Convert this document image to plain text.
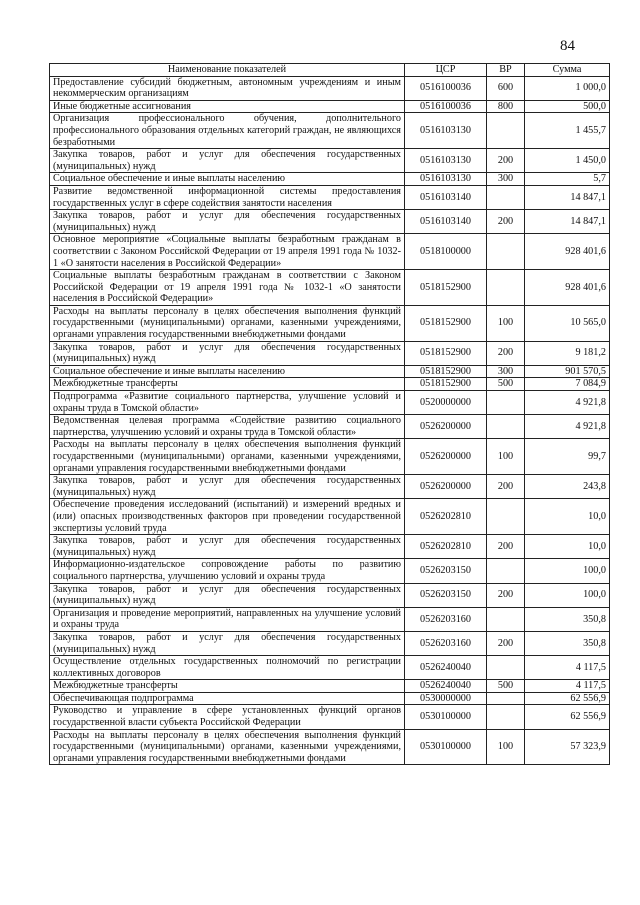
84
Наименование показателей	ЦСР	ВР	Сумма
Предоставление субсидий бюджетным, автономным учреждениям и иным некоммерческим организациям	0516100036	600	1 000,0
Иные бюджетные ассигнования	0516100036	800	500,0
Организация профессионального обучения, дополнительного профессионального образования отдельных категорий граждан, не являющихся безработными	0516103130		1 455,7
Закупка товаров, работ и услуг для обеспечения государственных (муниципальных) нужд	0516103130	200	1 450,0
Социальное обеспечение и иные выплаты населению	0516103130	300	5,7
Развитие ведомственной информационной системы предоставления государственных услуг в сфере содействия занятости населения	0516103140		14 847,1
Закупка товаров, работ и услуг для обеспечения государственных (муниципальных) нужд	0516103140	200	14 847,1
Основное мероприятие «Социальные выплаты безработным гражданам в соответствии с Законом Российской Федерации от 19 апреля 1991 года № 1032-1 «О занятости населения в Российской Федерации»	0518100000		928 401,6
Социальные выплаты безработным гражданам в соответствии с Законом Российской Федерации от 19 апреля 1991 года № 1032-1 «О занятости населения в Российской Федерации»	0518152900		928 401,6
Расходы на выплаты персоналу в целях обеспечения выполнения функций государственными (муниципальными) органами, казенными учреждениями, органами управления государственными внебюджетными фондами	0518152900	100	10 565,0
Закупка товаров, работ и услуг для обеспечения государственных (муниципальных) нужд	0518152900	200	9 181,2
Социальное обеспечение и иные выплаты населению	0518152900	300	901 570,5
Межбюджетные трансферты	0518152900	500	7 084,9
Подпрограмма «Развитие социального партнерства, улучшение условий и охраны труда в Томской области»	0520000000		4 921,8
Ведомственная целевая программа «Содействие развитию социального партнерства, улучшению условий и охраны труда в Томской области»	0526200000		4 921,8
Расходы на выплаты персоналу в целях обеспечения выполнения функций государственными (муниципальными) органами, казенными учреждениями, органами управления государственными внебюджетными фондами	0526200000	100	99,7
Закупка товаров, работ и услуг для обеспечения государственных (муниципальных) нужд	0526200000	200	243,8
Обеспечение проведения исследований (испытаний) и измерений вредных и (или) опасных производственных факторов при проведении государственной экспертизы условий труда	0526202810		10,0
Закупка товаров, работ и услуг для обеспечения государственных (муниципальных) нужд	0526202810	200	10,0
Информационно-издательское сопровождение работы по развитию социального партнерства, улучшению условий и охраны труда	0526203150		100,0
Закупка товаров, работ и услуг для обеспечения государственных (муниципальных) нужд	0526203150	200	100,0
Организация и проведение мероприятий, направленных на улучшение условий и охраны труда	0526203160		350,8
Закупка товаров, работ и услуг для обеспечения государственных (муниципальных) нужд	0526203160	200	350,8
Осуществление отдельных государственных полномочий по регистрации коллективных договоров	0526240040		4 117,5
Межбюджетные трансферты	0526240040	500	4 117,5
Обеспечивающая подпрограмма	0530000000		62 556,9
Руководство и управление в сфере установленных функций органов государственной власти субъекта Российской Федерации	0530100000		62 556,9
Расходы на выплаты персоналу в целях обеспечения выполнения функций государственными (муниципальными) органами, казенными учреждениями, органами управления государственными внебюджетными фондами	0530100000	100	57 323,9
